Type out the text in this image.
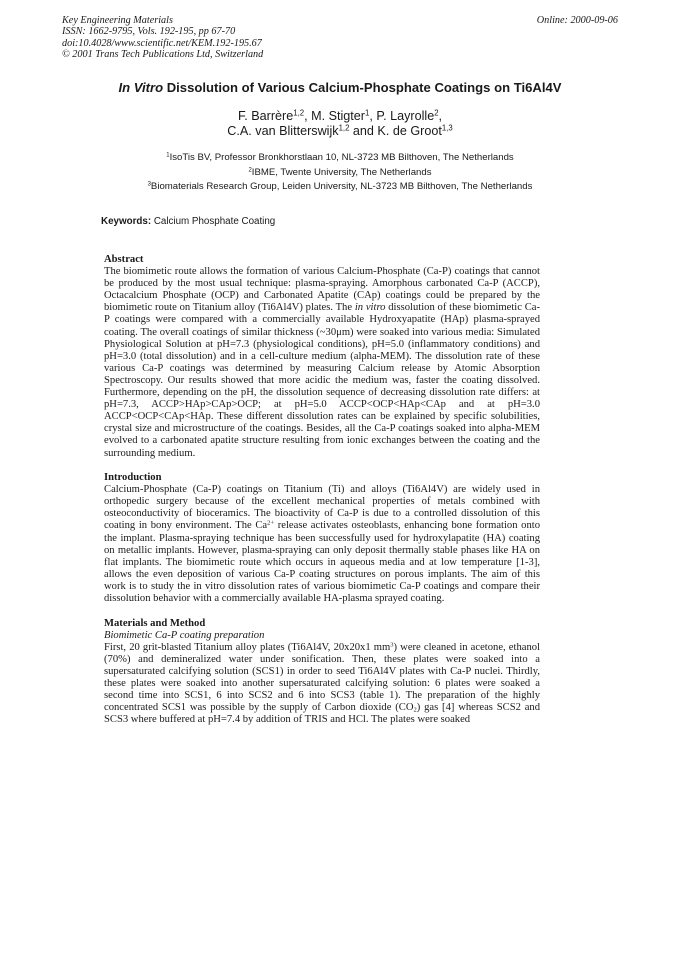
Key Engineering Materials
ISSN: 1662-9795, Vols. 192-195, pp 67-70
doi:10.4028/www.scientific.net/KEM.192-195.67
© 2001 Trans Tech Publications Ltd, Switzerland
Online: 2000-09-06
In Vitro Dissolution of Various Calcium-Phosphate Coatings on Ti6Al4V
F. Barrère$^{1,2}$, M. Stigter$^1$, P. Layrolle$^2$,
C.A. van Blitterswijk$^{1,2}$ and K. de Groot$^{1,3}$
$^1$IsoTis BV, Professor Bronkhorstlaan 10, NL-3723 MB Bilthoven, The Netherlands
$^2$IBME, Twente University, The Netherlands
$^3$Biomaterials Research Group, Leiden University, NL-3723 MB Bilthoven, The Netherlands
Keywords: Calcium Phosphate Coating
Abstract

The biomimetic route allows the formation of various Calcium-Phosphate (Ca-P) coatings that cannot be produced by the most usual technique: plasma-spraying. Amorphous carbonated Ca-P (ACCP), Octacalcium Phosphate (OCP) and Carbonated Apatite (CAp) coatings could be prepared by the biomimetic route on Titanium alloy (Ti6Al4V) plates. The in vitro dissolution of these biomimetic Ca-P coatings were compared with a commercially available Hydroxyapatite (HAp) plasma-sprayed coating. The overall coatings of similar thickness (~30μm) were soaked into various media: Simulated Physiological Solution at pH=7.3 (physiological conditions), pH=5.0 (inflammatory conditions) and pH=3.0 (total dissolution) and in a cell-culture medium (alpha-MEM). The dissolution rate of these various Ca-P coatings was determined by measuring Calcium release by Atomic Absorption Spectroscopy. Our results showed that more acidic the medium was, faster the coating dissolved. Furthermore, depending on the pH, the dissolution sequence of decreasing dissolution rate differs: at pH=7.3, ACCP>HAp>CAp>OCP; at pH=5.0 ACCP<OCP<HAp<CAp and at pH=3.0 ACCP<OCP<CAp<HAp. These different dissolution rates can be explained by specific solubilities, crystal size and microstructure of the coatings. Besides, all the Ca-P coatings soaked into alpha-MEM evolved to a carbonated apatite structure resulting from ionic exchanges between the coating and the surrounding medium.

Introduction

Calcium-Phosphate (Ca-P) coatings on Titanium (Ti) and alloys (Ti6Al4V) are widely used in orthopedic surgery because of the excellent mechanical properties of metals combined with osteoconductivity of bioceramics. The bioactivity of Ca-P is due to a controlled dissolution of this coating in bony environment. The $Ca^{2+}$ release activates osteoblasts, enhancing bone formation onto the implant. Plasma-spraying technique has been successfully used for hydroxylapatite (HA) coating on metallic implants. However, plasma-spraying can only deposit thermally stable phases like HA on flat implants. The biomimetic route which occurs in aqueous media and at low temperature [1-3], allows the even deposition of various Ca-P coating structures on porous implants. The aim of this work is to study the in vitro dissolution rates of various biomimetic Ca-P coatings and compare their dissolution behavior with a commercially available HA-plasma sprayed coating.

Materials and Method
Biomimetic Ca-P coating preparation

First, 20 grit-blasted Titanium alloy plates (Ti6Al4V, 20x20x1 $mm^3$) were cleaned in acetone, ethanol (70%) and demineralized water under sonification. Then, these plates were soaked into a supersaturated calcifying solution (SCS1) in order to seed Ti6Al4V plates with Ca-P nuclei. Thirdly, these plates were soaked into another supersaturated calcifying solution: 6 plates were soaked a second time into SCS1, 6 into SCS2 and 6 into SCS3 (table 1). The preparation of the highly concentrated SCS1 was possible by the supply of Carbon dioxide $(CO_2)$ gas [4] whereas SCS2 and SCS3 where buffered at pH=7.4 by addition of TRIS and HCl. The plates were soaked
